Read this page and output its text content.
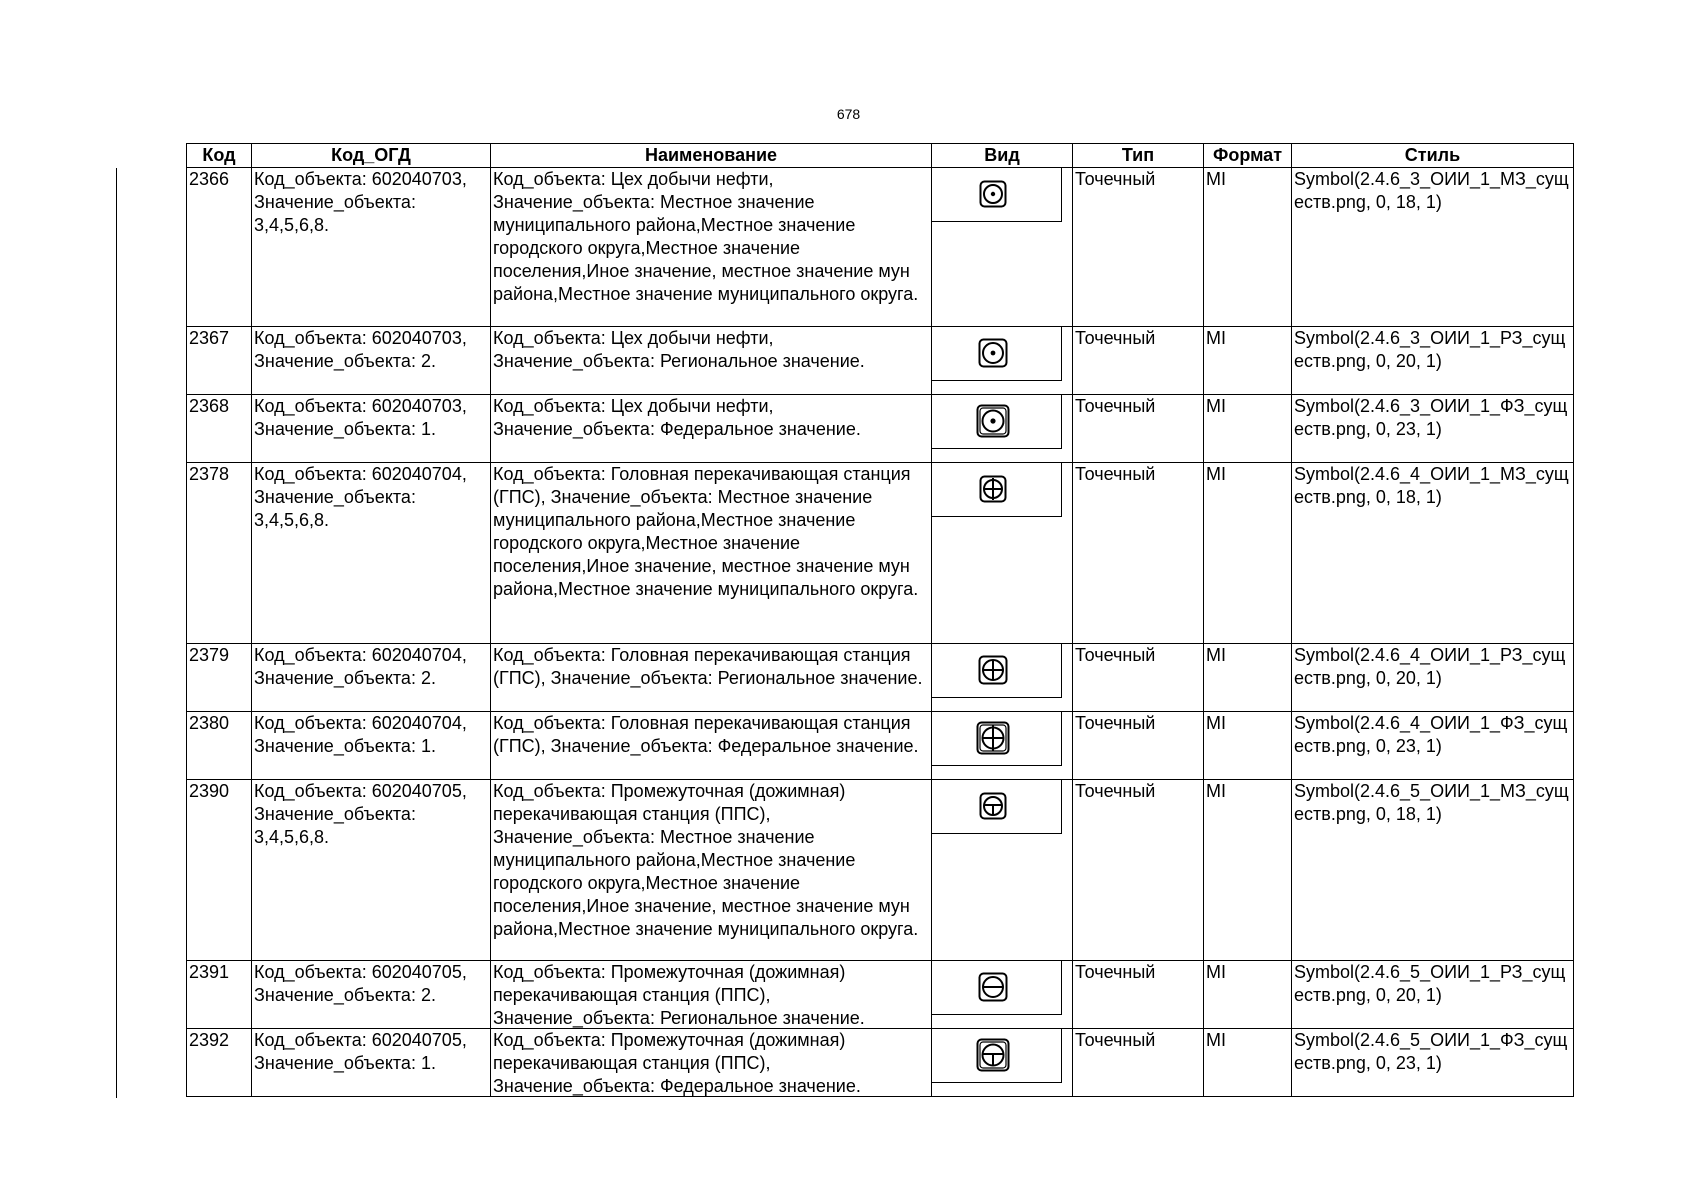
678
Код	Код_ОГД	Наименование	Вид	Тип	Формат	Стиль
2366	Код_объекта: 602040703, Значение_объекта: 3,4,5,6,8.	Код_объекта: Цех добычи нефти, Значение_объекта: Местное значение муниципального района,Местное значение городского округа,Местное значение поселения,Иное значение, местное значение мун района,Местное значение муниципального округа.		Точечный	MI	Symbol(2.4.6_3_ОИИ_1_МЗ_существ.png, 0, 18, 1)
2367	Код_объекта: 602040703, Значение_объекта: 2.	Код_объекта: Цех добычи нефти, Значение_объекта: Региональное значение.		Точечный	MI	Symbol(2.4.6_3_ОИИ_1_РЗ_существ.png, 0, 20, 1)
2368	Код_объекта: 602040703, Значение_объекта: 1.	Код_объекта: Цех добычи нефти, Значение_объекта: Федеральное значение.		Точечный	MI	Symbol(2.4.6_3_ОИИ_1_ФЗ_существ.png, 0, 23, 1)
2378	Код_объекта: 602040704, Значение_объекта: 3,4,5,6,8.	Код_объекта: Головная перекачивающая станция (ГПС), Значение_объекта: Местное значение муниципального района,Местное значение городского округа,Местное значение поселения,Иное значение, местное значение мун района,Местное значение муниципального округа.		Точечный	MI	Symbol(2.4.6_4_ОИИ_1_МЗ_существ.png, 0, 18, 1)
2379	Код_объекта: 602040704, Значение_объекта: 2.	Код_объекта: Головная перекачивающая станция (ГПС), Значение_объекта: Региональное значение.		Точечный	MI	Symbol(2.4.6_4_ОИИ_1_РЗ_существ.png, 0, 20, 1)
2380	Код_объекта: 602040704, Значение_объекта: 1.	Код_объекта: Головная перекачивающая станция (ГПС), Значение_объекта: Федеральное значение.		Точечный	MI	Symbol(2.4.6_4_ОИИ_1_ФЗ_существ.png, 0, 23, 1)
2390	Код_объекта: 602040705, Значение_объекта: 3,4,5,6,8.	Код_объекта: Промежуточная (дожимная) перекачивающая станция (ППС), Значение_объекта: Местное значение муниципального района,Местное значение городского округа,Местное значение поселения,Иное значение, местное значение мун района,Местное значение муниципального округа.		Точечный	MI	Symbol(2.4.6_5_ОИИ_1_МЗ_существ.png, 0, 18, 1)
2391	Код_объекта: 602040705, Значение_объекта: 2.	Код_объекта: Промежуточная (дожимная) перекачивающая станция (ППС), Значение_объекта: Региональное значение.		Точечный	MI	Symbol(2.4.6_5_ОИИ_1_РЗ_существ.png, 0, 20, 1)
2392	Код_объекта: 602040705, Значение_объекта: 1.	Код_объекта: Промежуточная (дожимная) перекачивающая станция (ППС), Значение_объекта: Федеральное значение.		Точечный	MI	Symbol(2.4.6_5_ОИИ_1_ФЗ_существ.png, 0, 23, 1)
